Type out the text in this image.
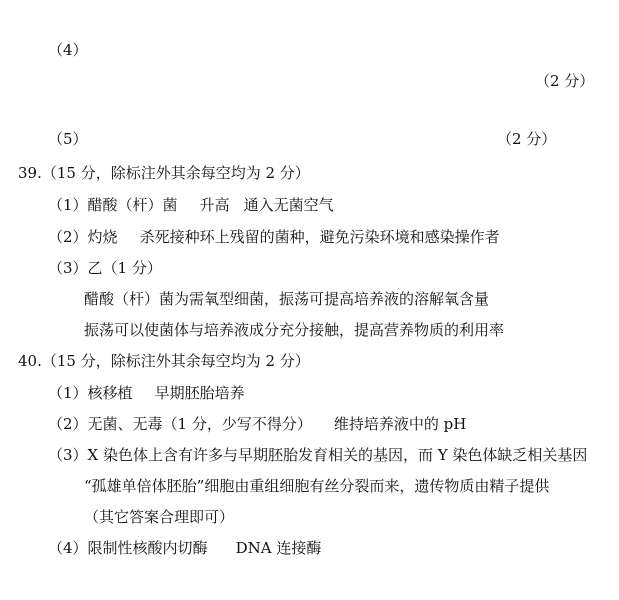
（4）
（2 分）
（5）	（2 分）
39.（15 分，除标注外其余每空均为 2 分）
（1）醋酸（杆）菌 升高 通入无菌空气
（2）灼烧 杀死接种环上残留的菌种，避免污染环境和感染操作者
（3）乙（1 分）
醋酸（杆）菌为需氧型细菌，振荡可提高培养液的溶解氧含量
振荡可以使菌体与培养液成分充分接触，提高营养物质的利用率
40.（15 分，除标注外其余每空均为 2 分）
（1）核移植 早期胚胎培养
（2）无菌、无毒（1 分，少写不得分） 维持培养液中的 pH
（3）X 染色体上含有许多与早期胚胎发育相关的基因，而 Y 染色体缺乏相关基因
“孤雄单倍体胚胎”细胞由重组细胞有丝分裂而来，遗传物质由精子提供
（其它答案合理即可）
（4）限制性核酸内切酶 DNA 连接酶
